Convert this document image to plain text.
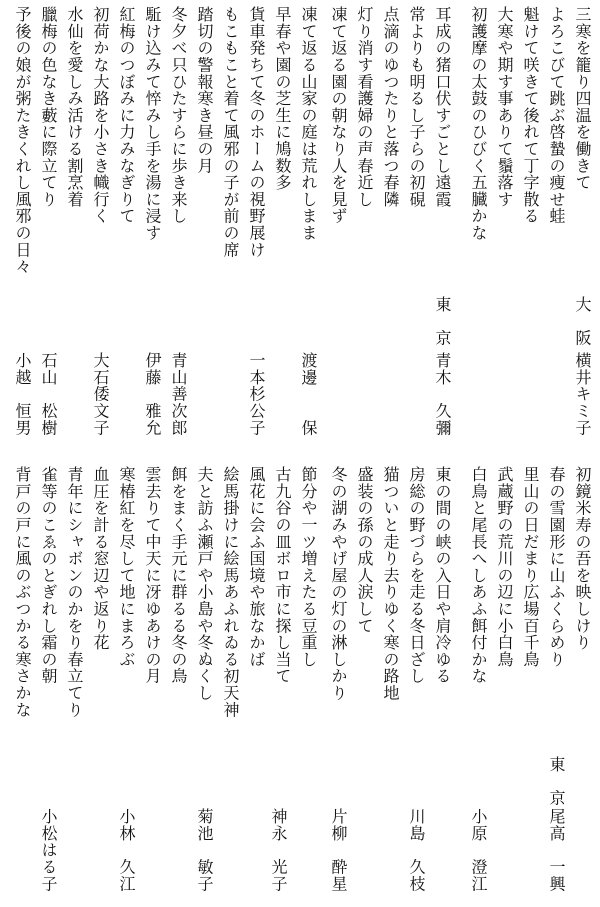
三寒を籠り四温を働きて
よろこびて跳ぶ啓蟄の痩せ蛙
魁けて咲きて後れて丁字散る
大寒や期す事ありて鬚落す
初護摩の太鼓のひびく五臓かな
耳成の猪口伏すごとし遠霞
常よりも明るし子らの初硯
点滴のゆつたりと落つ春隣
灯り消す看護婦の声春近し
凍て返る園の朝なり人を見ず
凍て返る山家の庭は荒れしまま
早春や園の芝生に鳩数多
貨車発ちて冬のホームの視野展け
もこもこと着て風邪の子が前の席
踏切の警報寒き昼の月
冬夕べ只ひたすらに歩き来し
駈け込みて悴みし手を湯に浸す
紅梅のつぼみに力みなぎりて
初荷かな大路を小さき幟行く
水仙を愛しみ活ける割烹着
臘梅の色なき藪に際立てり
予後の娘が粥たきくれし風邪の日々
大　阪
横井キミ子
東　京
青木　久彌
渡邊　　保
青山善次郎
石山　松樹
初鏡米寿の吾を映しけり
春の雪園形に山ふくらめり
里山の日だまり広場百千鳥
武蔵野の荒川の辺に小白鳥
白鳥と尾長へしあふ餌付かな
東の間の峡の入日や肩冷ゆる
房総の野づらを走る冬日ざし
猫ついと走り去りゆく寒の路地
盛装の孫の成人涙して
冬の湖みやげ屋の灯の淋しかり
節分や一ツ増えたる豆重し
古九谷の皿ボロ市に探し当て
風花に会ふ国境や旅なかば
絵馬掛けに絵馬あふれゐる初天神
夫と訪ふ瀬戸や小島や冬ぬくし
餌をまく手元に群るる冬の鳥
雲去りて中天に冴ゆあけの月
寒椿紅を尽して地にまろぶ
血圧を計る窓辺や返り花
青年にシャボンのかをり春立てり
雀等のこゑのとぎれし霜の朝
背戸の戸に風のぶつかる寒さかな
東　京
尾高　一興
小原　澄江
川島　久枝
片柳　酔星
神永　光子
菊池　敏子
小林　久江
小松はる子
一本杉公子
伊藤　雅允
大石倭文子
小越　恒男
